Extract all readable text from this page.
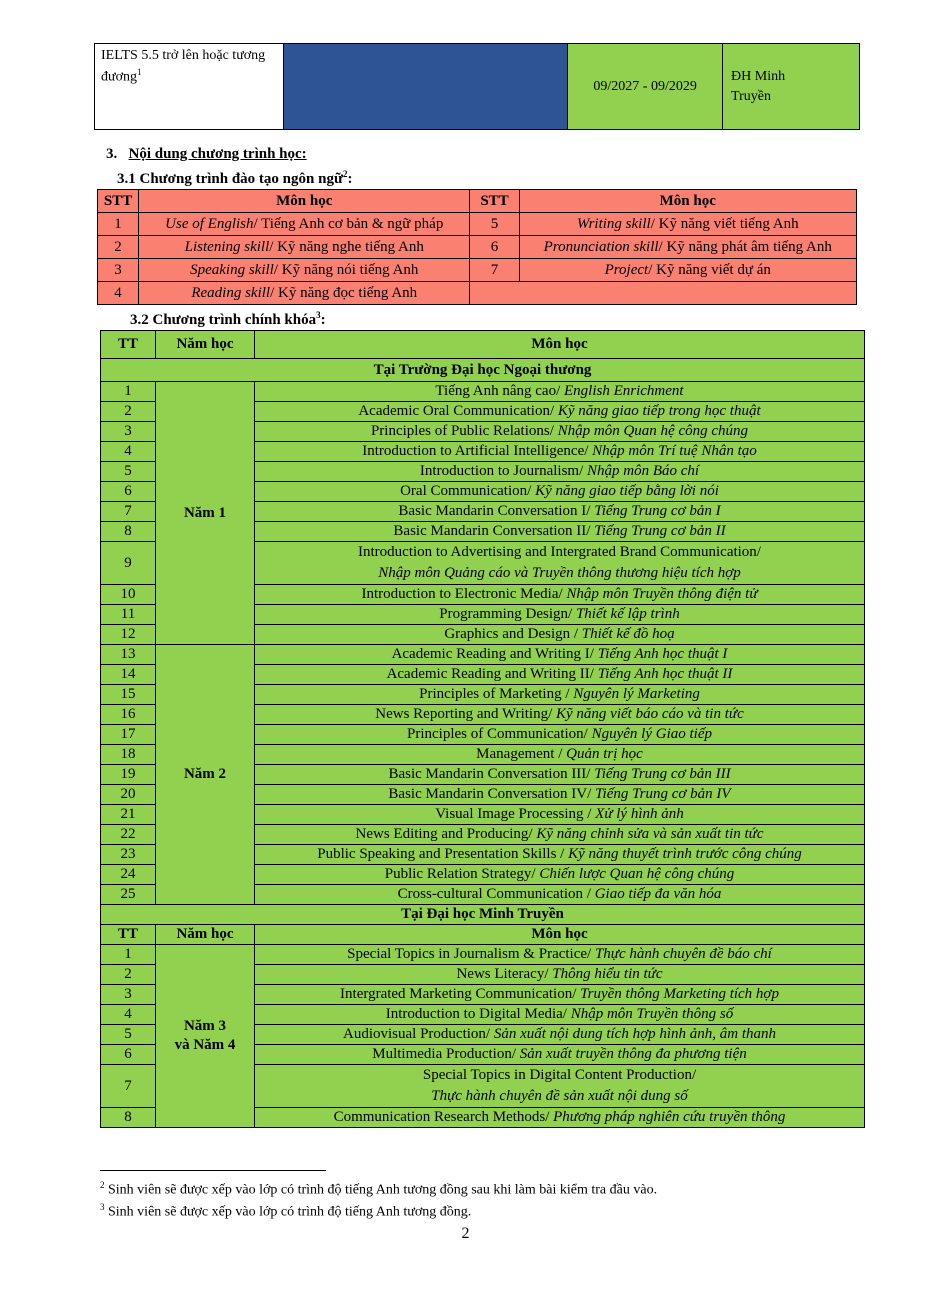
IELTS 5.5 trở lên hoặc tương đương$^1$		09/2027 - 09/2029	ĐH Minh Truyền
3. Nội dung chương trình học:
3.1 Chương trình đào tạo ngôn ngữ$^2$:
STT	Môn học	STT	Môn học
1	Use of English/ Tiếng Anh cơ bản & ngữ pháp	5	Writing skill/ Kỹ năng viết tiếng Anh
2	Listening skill/ Kỹ năng nghe tiếng Anh	6	Pronunciation skill/ Kỹ năng phát âm tiếng Anh
3	Speaking skill/ Kỹ năng nói tiếng Anh	7	Project/ Kỹ năng viết dự án
4	Reading skill/ Kỹ năng đọc tiếng Anh		
3.2 Chương trình chính khóa$^3$:
TT	Năm học	Môn học
Tại Trường Đại học Ngoại thương		
1	Năm 1	Tiếng Anh nâng cao/ English Enrichment
2		Academic Oral Communication/ Kỹ năng giao tiếp trong học thuật
3		Principles of Public Relations/ Nhập môn Quan hệ công chúng
4		Introduction to Artificial Intelligence/ Nhập môn Trí tuệ Nhân tạo
5		Introduction to Journalism/ Nhập môn Báo chí
6		Oral Communication/ Kỹ năng giao tiếp bằng lời nói
7		Basic Mandarin Conversation I/ Tiếng Trung cơ bản I
8		Basic Mandarin Conversation II/ Tiếng Trung cơ bản II
9		Introduction to Advertising and Intergrated Brand Communication/
Nhập môn Quảng cáo và Truyền thông thương hiệu tích hợp
10		Introduction to Electronic Media/ Nhập môn Truyền thông điện tử
11		Programming Design/ Thiết kế lập trình
12		Graphics and Design / Thiết kế đồ hoạ
13	Năm 2	Academic Reading and Writing I/ Tiếng Anh học thuật I
14		Academic Reading and Writing II/ Tiếng Anh học thuật II
15		Principles of Marketing / Nguyên lý Marketing
16		News Reporting and Writing/ Kỹ năng viết báo cáo và tin tức
17		Principles of Communication/ Nguyên lý Giao tiếp
18		Management / Quản trị học
19		Basic Mandarin Conversation III/ Tiếng Trung cơ bản III
20		Basic Mandarin Conversation IV/ Tiếng Trung cơ bản IV
21		Visual Image Processing / Xử lý hình ảnh
22		News Editing and Producing/ Kỹ năng chỉnh sửa và sản xuất tin tức
23		Public Speaking and Presentation Skills / Kỹ năng thuyết trình trước công chúng
24		Public Relation Strategy/ Chiến lược Quan hệ công chúng
25		Cross-cultural Communication / Giao tiếp đa văn hóa
Tại Đại học Minh Truyền		
TT	Năm học	Môn học
1	Năm 3
và Năm 4	Special Topics in Journalism & Practice/ Thực hành chuyên đề báo chí
2		News Literacy/ Thông hiểu tin tức
3		Intergrated Marketing Communication/ Truyền thông Marketing tích hợp
4		Introduction to Digital Media/ Nhập môn Truyền thông số
5		Audiovisual Production/ Sản xuất nội dung tích hợp hình ảnh, âm thanh
6		Multimedia Production/ Sản xuất truyền thông đa phương tiện
7		Special Topics in Digital Content Production/
Thực hành chuyên đề sản xuất nội dung số
8		Communication Research Methods/ Phương pháp nghiên cứu truyền thông
$^2$ Sinh viên sẽ được xếp vào lớp có trình độ tiếng Anh tương đồng sau khi làm bài kiểm tra đầu vào.
$^3$ Sinh viên sẽ được xếp vào lớp có trình độ tiếng Anh tương đồng.
2
